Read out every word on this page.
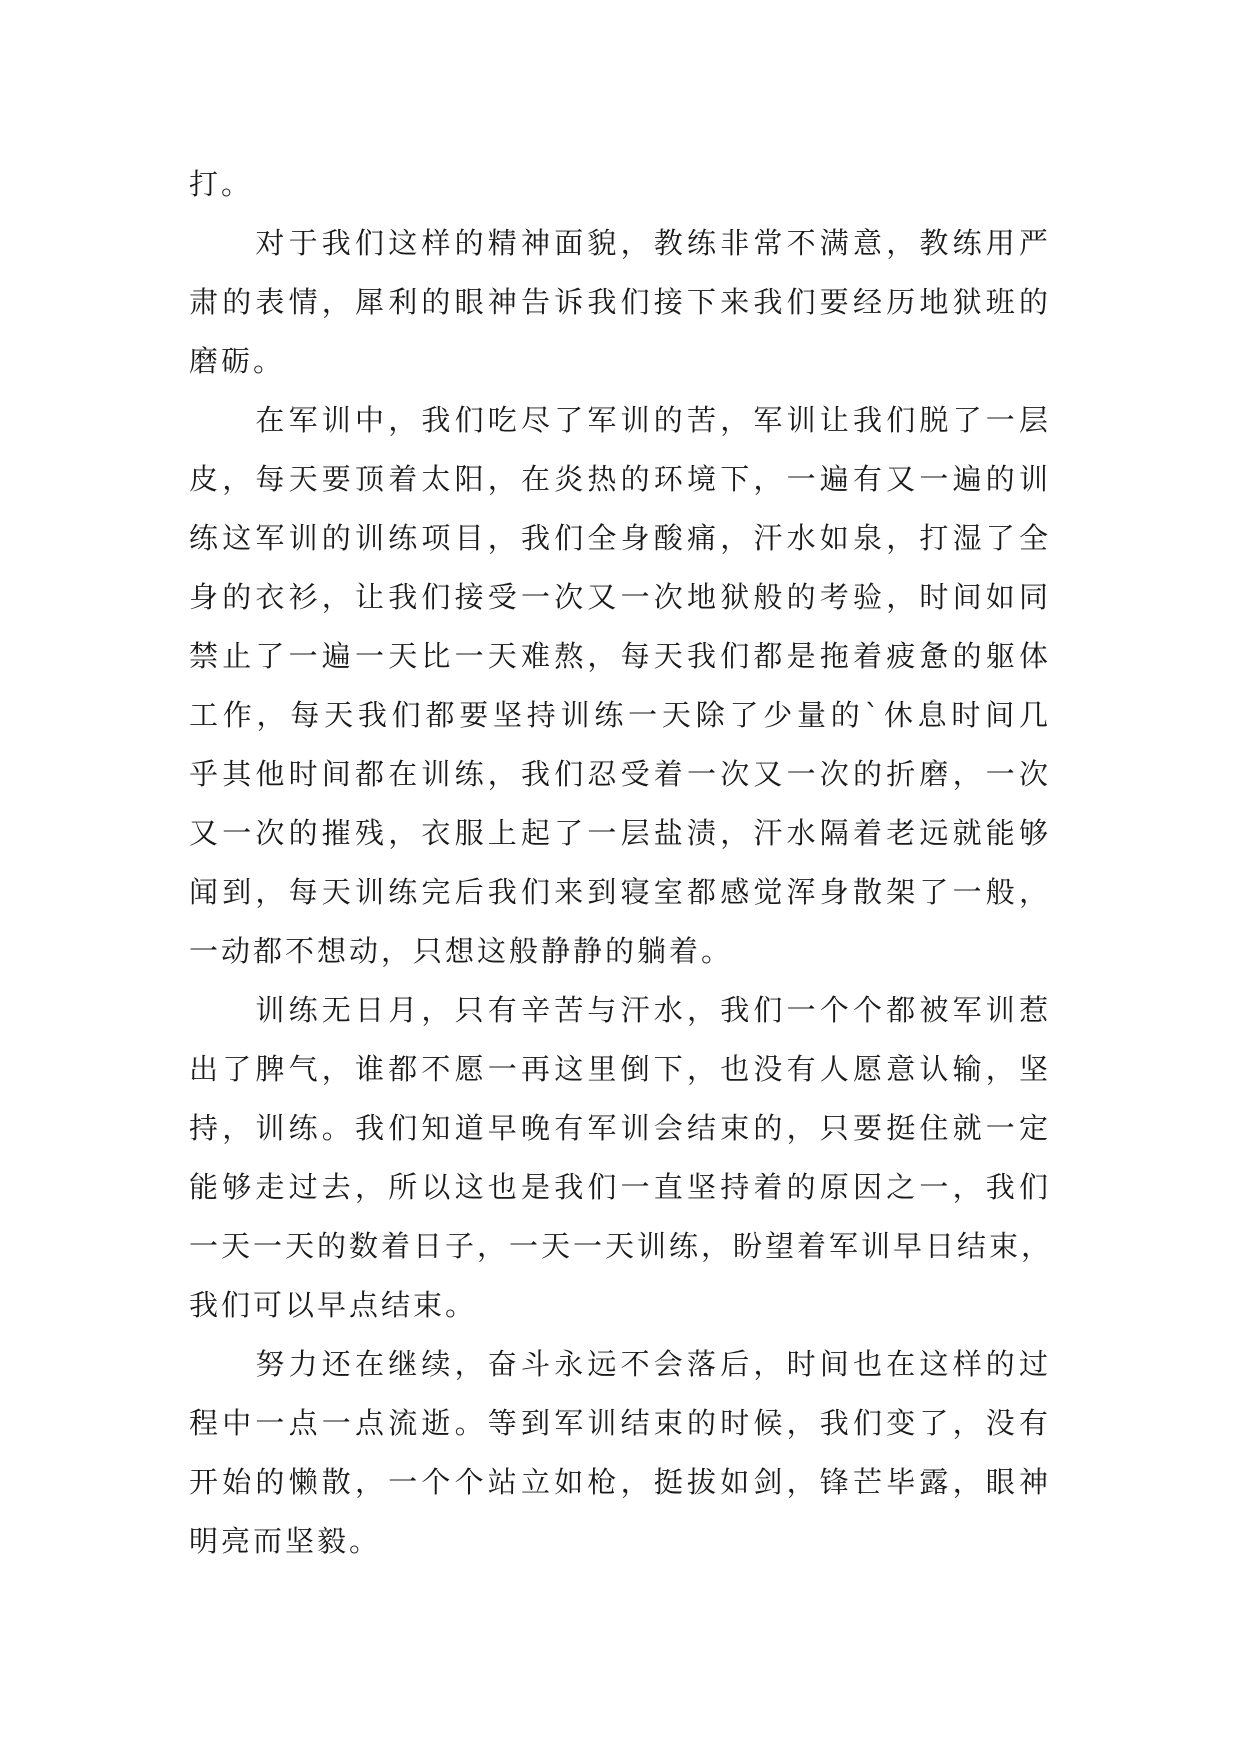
打。
　　对于我们这样的精神面貌，教练非常不满意，教练用严
肃的表情，犀利的眼神告诉我们接下来我们要经历地狱班的
磨砺。
　　在军训中，我们吃尽了军训的苦，军训让我们脱了一层
皮，每天要顶着太阳，在炎热的环境下，一遍有又一遍的训
练这军训的训练项目，我们全身酸痛，汗水如泉，打湿了全
身的衣衫，让我们接受一次又一次地狱般的考验，时间如同
禁止了一遍一天比一天难熬，每天我们都是拖着疲惫的躯体
工作，每天我们都要坚持训练一天除了少量的`休息时间几
乎其他时间都在训练，我们忍受着一次又一次的折磨，一次
又一次的摧残，衣服上起了一层盐渍，汗水隔着老远就能够
闻到，每天训练完后我们来到寝室都感觉浑身散架了一般，
一动都不想动，只想这般静静的躺着。
　　训练无日月，只有辛苦与汗水，我们一个个都被军训惹
出了脾气，谁都不愿一再这里倒下，也没有人愿意认输，坚
持，训练。我们知道早晚有军训会结束的，只要挺住就一定
能够走过去，所以这也是我们一直坚持着的原因之一，我们
一天一天的数着日子，一天一天训练，盼望着军训早日结束，
我们可以早点结束。
　　努力还在继续，奋斗永远不会落后，时间也在这样的过
程中一点一点流逝。等到军训结束的时候，我们变了，没有
开始的懒散，一个个站立如枪，挺拔如剑，锋芒毕露，眼神
明亮而坚毅。
